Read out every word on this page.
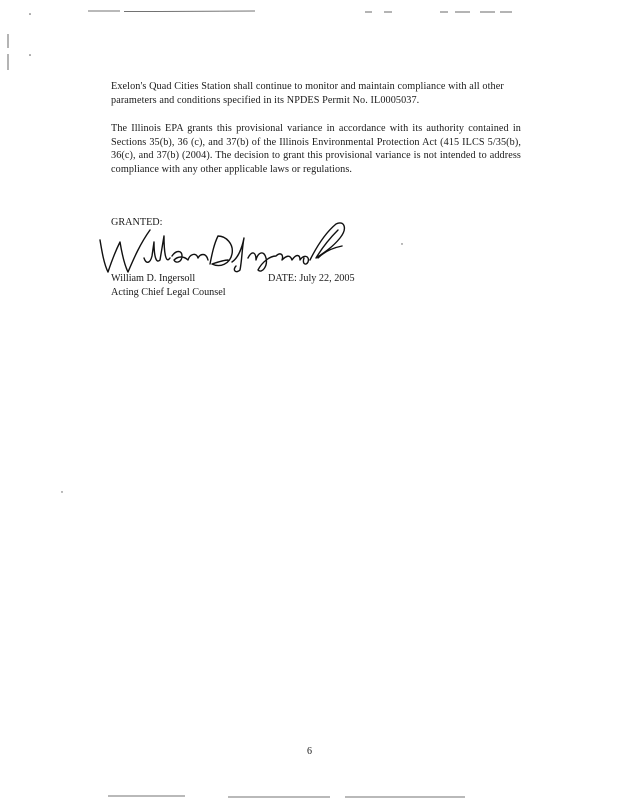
Exelon's Quad Cities Station shall continue to monitor and maintain compliance with all other parameters and conditions specified in its NPDES Permit No. IL0005037.
The Illinois EPA grants this provisional variance in accordance with its authority contained in Sections 35(b), 36 (c), and 37(b) of the Illinois Environmental Protection Act (415 ILCS 5/35(b), 36(c), and 37(b) (2004). The decision to grant this provisional variance is not intended to address compliance with any other applicable laws or regulations.
GRANTED:
William D. Ingersoll
Acting Chief Legal Counsel
DATE: July 22, 2005
6
